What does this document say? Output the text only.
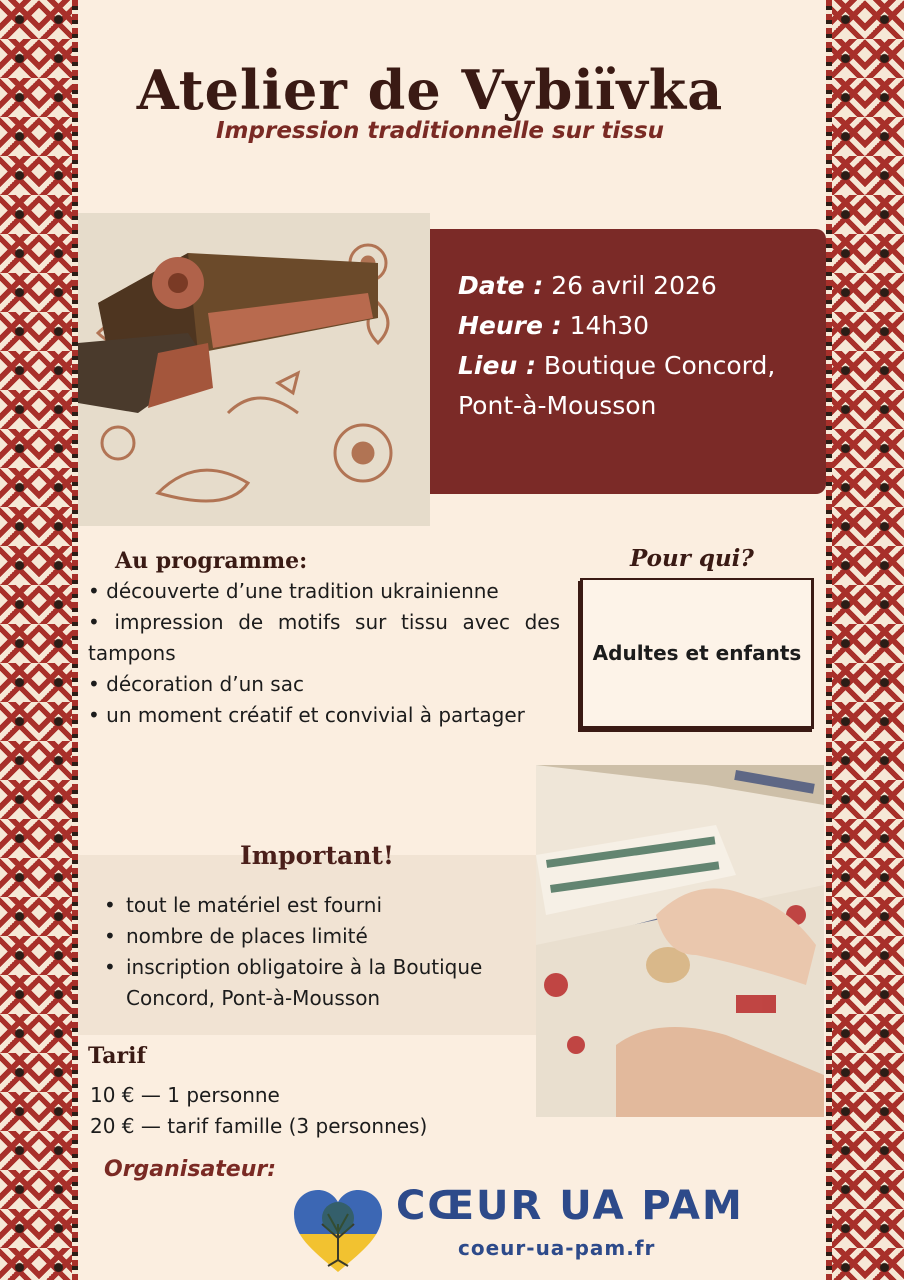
Atelier de Vybiïvka
Impression traditionnelle sur tissu
Date : 26 avril 2026
Heure : 14h30
Lieu : Boutique Concord,
Pont-à-Mousson
Au programme:
• découverte d’une tradition ukrainienne
• impression de motifs sur tissu avec des tampons
• décoration d’un sac
• un moment créatif et convivial à partager
Pour qui?
Adultes et enfants
Important!
• tout le matériel est fourni
• nombre de places limité
• inscription obligatoire à la Boutique Concord, Pont-à-Mousson
Tarif
10 € — 1 personne
20 € — tarif famille (3 personnes)
Organisateur:
CŒUR UA PAM
coeur-ua-pam.fr
